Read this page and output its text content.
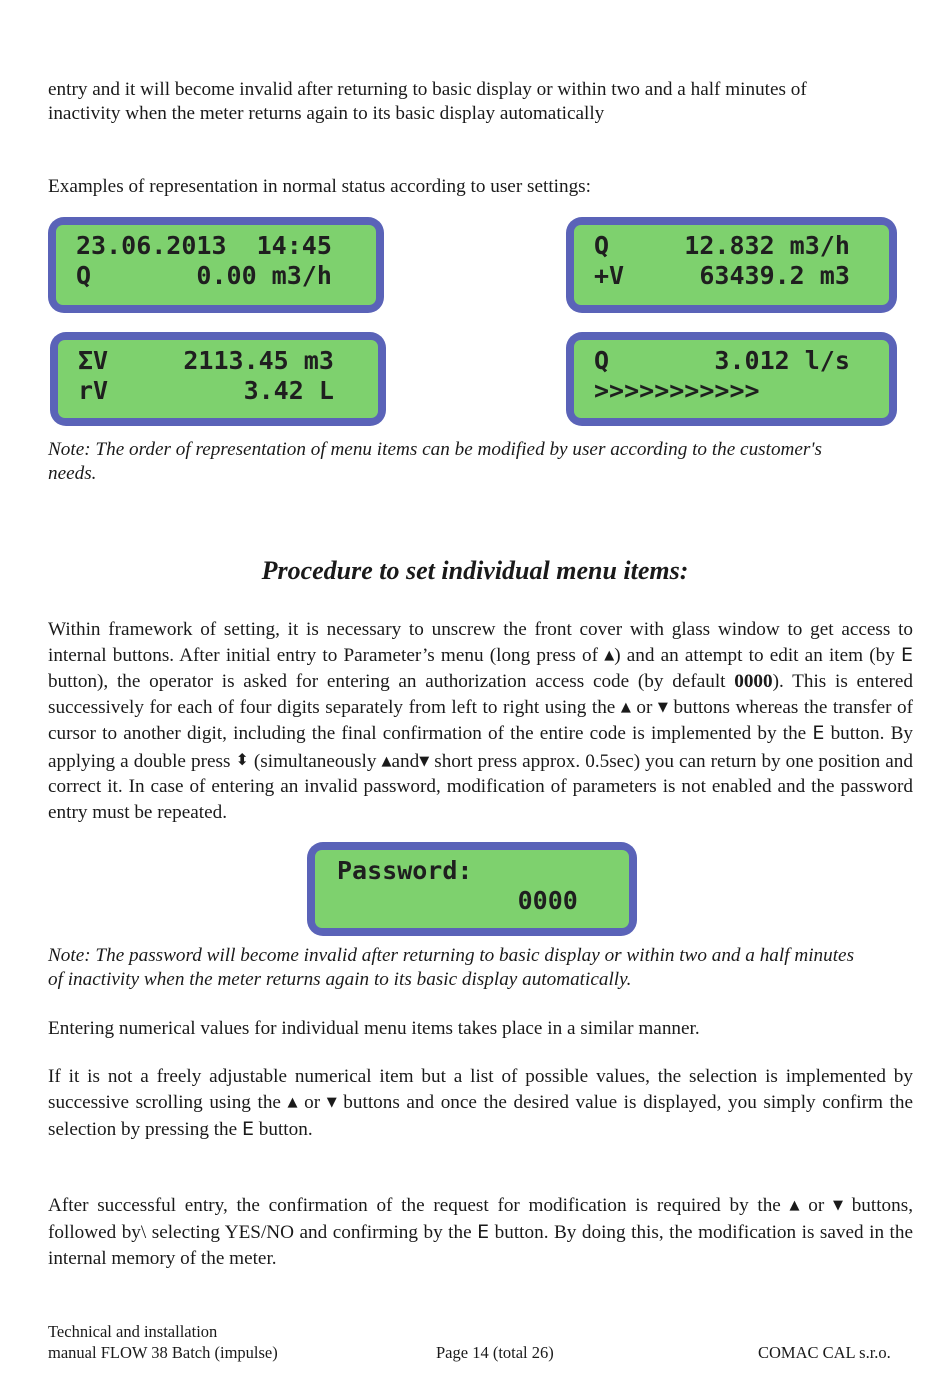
entry and it will become invalid after returning to basic display or within two and a half minutes of
inactivity when the meter returns again to its basic display automatically
Examples of representation in normal status according to user settings:
23.06.2013  14:45
Q       0.00 m3/h
Q     12.832 m3/h
+V     63439.2 m3
ΣV     2113.45 m3
rV         3.42 L
Q       3.012 l/s
>>>>>>>>>>>
Note: The order of representation of menu items can be modified by user according to the customer's
needs.
Procedure to set individual menu items:
Within framework of setting, it is necessary to unscrew the front cover with glass window to get access to internal buttons. After initial entry to Parameter’s menu (long press of ▲) and an attempt to edit an item (by E button), the operator is asked for entering an authorization access code (by default 0000). This is entered successively for each of four digits separately from left to right using the ▲ or ▼ buttons whereas the transfer of cursor to another digit, including the final confirmation of the entire code is implemented by the E button. By applying a double press ⬍ (simultaneously ▲and▼ short press approx. 0.5sec) you can return by one position and correct it. In case of entering an invalid password, modification of parameters is not enabled and the password entry must be repeated.
Password:
0000
Note: The password will become invalid after returning to basic display or within two and a half minutes
of inactivity when the meter returns again to its basic display automatically.
Entering numerical values for individual menu items takes place in a similar manner.
If it is not a freely adjustable numerical item but a list of possible values, the selection is implemented by successive scrolling using the ▲ or ▼ buttons and once the desired value is displayed, you simply confirm the selection by pressing the E button.
After successful entry, the confirmation of the request for modification is required by the ▲ or ▼ buttons, followed by\ selecting YES/NO and confirming by the E button. By doing this, the modification is saved in the internal memory of the meter.
Technical and installation
manual FLOW 38 Batch (impulse)	Page 14 (total 26)	COMAC CAL s.r.o.
